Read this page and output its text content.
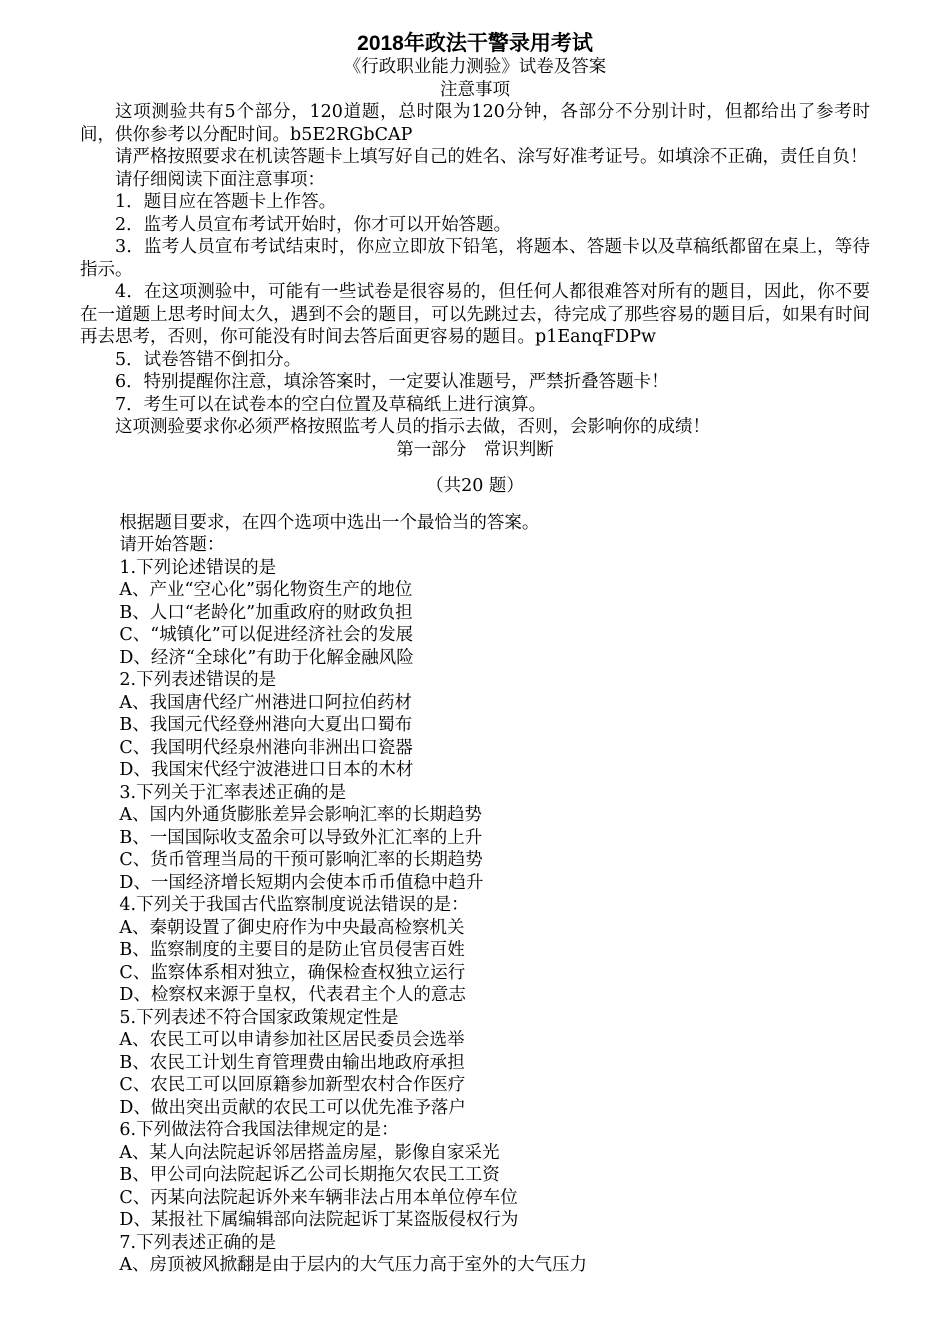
2018年政法干警录用考试
《行政职业能力测验》试卷及答案
注意事项
这项测验共有5个部分，120道题，总时限为120分钟，各部分不分别计时，但都给出了参考时间，供你参考以分配时间。b5E2RGbCAP
请严格按照要求在机读答题卡上填写好自己的姓名、涂写好准考证号。如填涂不正确，责任自负！
请仔细阅读下面注意事项：
1．题目应在答题卡上作答。
2．监考人员宣布考试开始时，你才可以开始答题。
3．监考人员宣布考试结束时，你应立即放下铅笔，将题本、答题卡以及草稿纸都留在桌上，等待指示。
4．在这项测验中，可能有一些试卷是很容易的，但任何人都很难答对所有的题目，因此，你不要在一道题上思考时间太久，遇到不会的题目，可以先跳过去，待完成了那些容易的题目后，如果有时间再去思考，否则，你可能没有时间去答后面更容易的题目。p1EanqFDPw
5．试卷答错不倒扣分。
6．特别提醒你注意，填涂答案时，一定要认准题号，严禁折叠答题卡！
7．考生可以在试卷本的空白位置及草稿纸上进行演算。
这项测验要求你必须严格按照监考人员的指示去做，否则，会影响你的成绩！
第一部分　常识判断
（共20 题）
根据题目要求，在四个选项中选出一个最恰当的答案。
请开始答题：
1.下列论述错误的是
A、产业“空心化”弱化物资生产的地位
B、人口“老龄化”加重政府的财政负担
C、“城镇化”可以促进经济社会的发展
D、经济“全球化”有助于化解金融风险
2.下列表述错误的是
A、我国唐代经广州港进口阿拉伯药材
B、我国元代经登州港向大夏出口蜀布
C、我国明代经泉州港向非洲出口瓷器
D、我国宋代经宁波港进口日本的木材
3.下列关于汇率表述正确的是
A、国内外通货膨胀差异会影响汇率的长期趋势
B、一国国际收支盈余可以导致外汇汇率的上升
C、货币管理当局的干预可影响汇率的长期趋势
D、一国经济增长短期内会使本币币值稳中趋升
4.下列关于我国古代监察制度说法错误的是：
A、秦朝设置了御史府作为中央最高检察机关
B、监察制度的主要目的是防止官员侵害百姓
C、监察体系相对独立，确保检查权独立运行
D、检察权来源于皇权，代表君主个人的意志
5.下列表述不符合国家政策规定性是
A、农民工可以申请参加社区居民委员会选举
B、农民工计划生育管理费由输出地政府承担
C、农民工可以回原籍参加新型农村合作医疗
D、做出突出贡献的农民工可以优先准予落户
6.下列做法符合我国法律规定的是：
A、某人向法院起诉邻居搭盖房屋，影像自家采光
B、甲公司向法院起诉乙公司长期拖欠农民工工资
C、丙某向法院起诉外来车辆非法占用本单位停车位
D、某报社下属编辑部向法院起诉丁某盗版侵权行为
7.下列表述正确的是
A、房顶被风掀翻是由于层内的大气压力高于室外的大气压力
